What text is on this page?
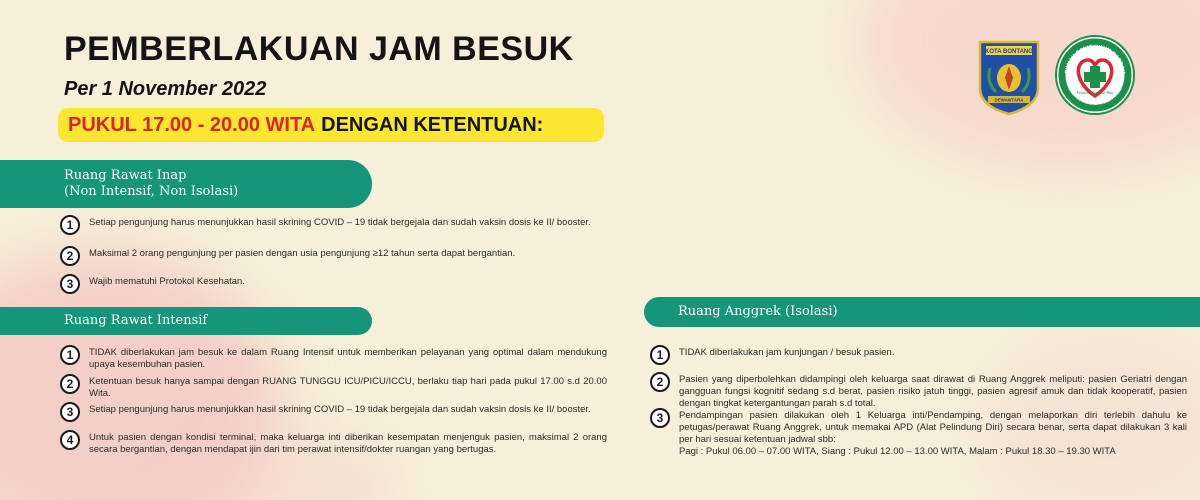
PEMBERLAKUAN JAM BESUK
Per 1 November 2022
PUKUL 17.00 - 20.00 WITA DENGAN KETENTUAN:
KOTA BONTANG
DEWANTARA
Pelayani Sepenuh Hati
RUMAH SAKIT UMUM DAERAH
TAMAN HUSADA BONTANG
Ruang Rawat Inap
(Non Intensif, Non Isolasi)
1	Setiap pengunjung harus menunjukkan hasil skrining COVID – 19 tidak bergejala dan sudah vaksin dosis ke II/ booster.
2	Maksimal 2 orang pengunjung per pasien dengan usia pengunjung ≥12 tahun serta dapat bergantian.
3	Wajib mematuhi Protokol Kesehatan.
Ruang Rawat Intensif
1	TIDAK diberlakukan jam besuk ke dalam Ruang Intensif untuk memberikan pelayanan yang optimal dalam mendukung upaya kesembuhan pasien.
2	Ketentuan besuk hanya sampai dengan RUANG TUNGGU ICU/PICU/ICCU, berlaku tiap hari pada pukul 17.00 s.d 20.00 Wita.
3	Setiap pengunjung harus menunjukkan hasil skrining COVID – 19 tidak bergejala dan sudah vaksin dosis ke II/ booster.
4	Untuk pasien dengan kondisi terminal, maka keluarga inti diberikan kesempatan menjenguk pasien, maksimal 2 orang secara bergantian, dengan mendapat ijin dari tim perawat intensif/dokter ruangan yang bertugas.
Ruang Anggrek (Isolasi)
1	TIDAK diberlakukan jam kunjungan / besuk pasien.
2	Pasien yang diperbolehkan didampingi oleh keluarga saat dirawat di Ruang Anggrek meliputi: pasien Geriatri dengan gangguan fungsi kognitif sedang s.d berat, pasien risiko jatuh tinggi, pasien agresif amuk dan tidak kooperatif, pasien dengan tingkat ketergantungan parah s.d total.
3	Pendampingan pasien dilakukan oleh 1 Keluarga inti/Pendamping, dengan melaporkan diri terlebih dahulu ke petugas/perawat Ruang Anggrek, untuk memakai APD (Alat Pelindung Diri) secara benar, serta dapat dilakukan 3 kali per hari sesuai ketentuan jadwal sbb:
Pagi : Pukul 06.00 – 07.00 WITA, Siang : Pukul 12.00 – 13.00 WITA, Malam : Pukul 18.30 – 19.30 WITA
